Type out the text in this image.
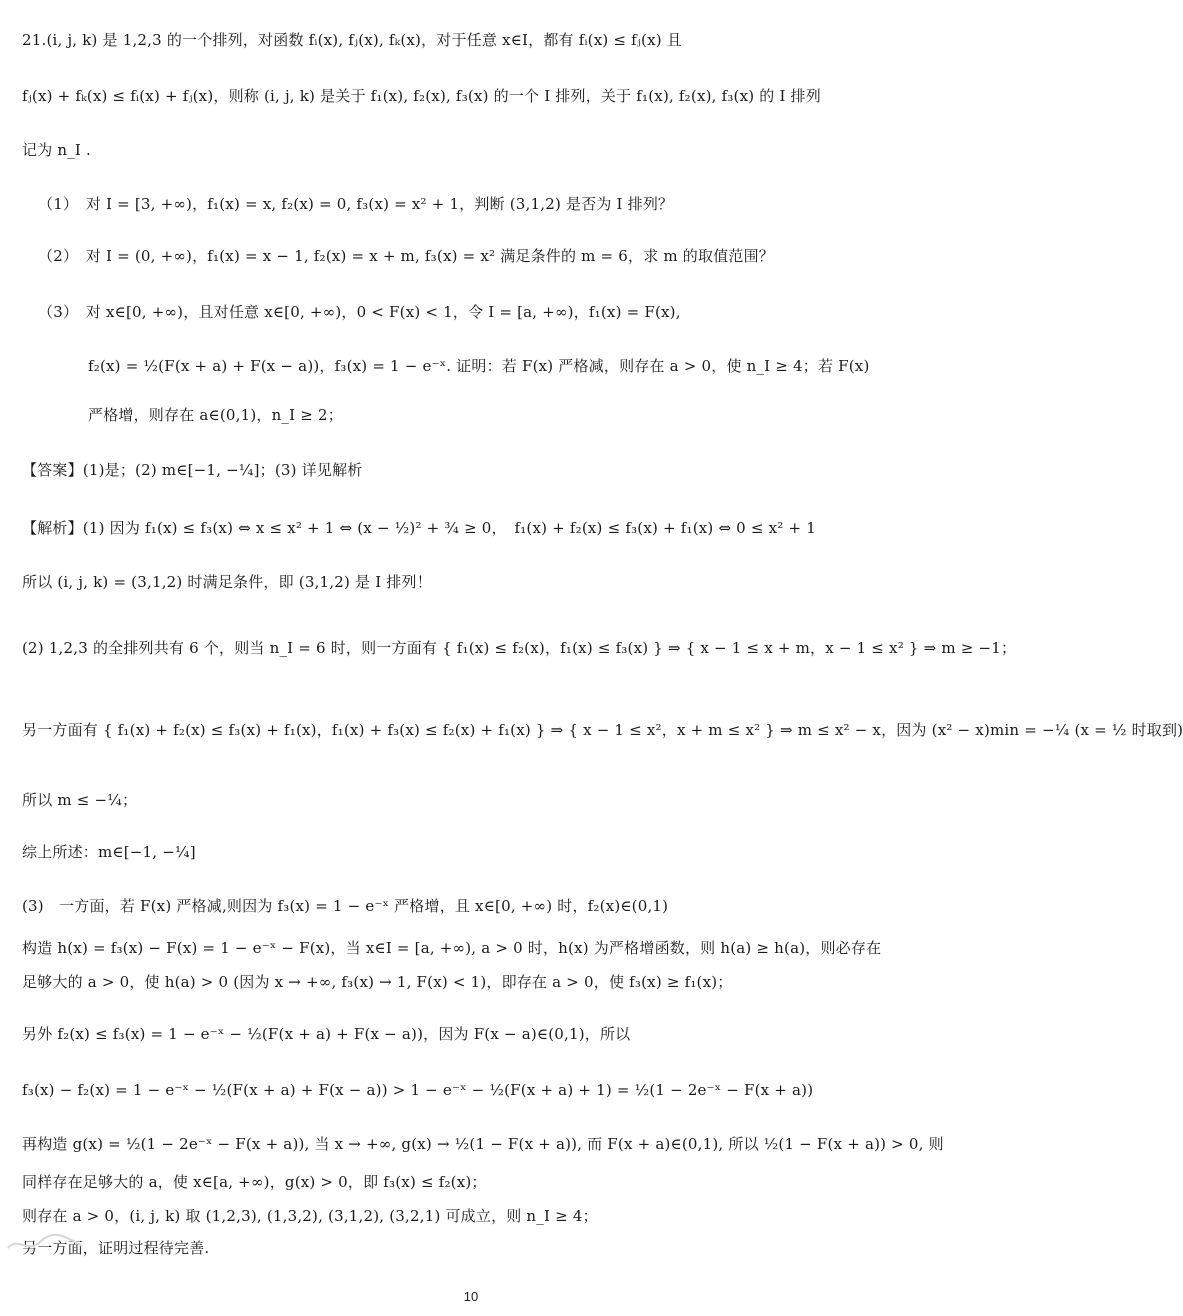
21.(i, j, k) 是 1,2,3 的一个排列，对函数 fᵢ(x), fⱼ(x), fₖ(x)，对于任意 x∈I，都有 fᵢ(x) ≤ fⱼ(x) 且
fⱼ(x) + fₖ(x) ≤ fᵢ(x) + fⱼ(x)，则称 (i, j, k) 是关于 f₁(x), f₂(x), f₃(x) 的一个 I 排列，关于 f₁(x), f₂(x), f₃(x) 的 I 排列
记为 n_I .
（1）　对 I = [3, +∞)，f₁(x) = x, f₂(x) = 0, f₃(x) = x² + 1，判断 (3,1,2) 是否为 I 排列？
（2）　对 I = (0, +∞)，f₁(x) = x − 1, f₂(x) = x + m, f₃(x) = x² 满足条件的 m = 6，求 m 的取值范围？
（3）　对 x∈[0, +∞)，且对任意 x∈[0, +∞)，0 < F(x) < 1，令 I = [a, +∞)，f₁(x) = F(x),
f₂(x) = ½(F(x + a) + F(x − a))，f₃(x) = 1 − e⁻ˣ. 证明：若 F(x) 严格减，则存在 a > 0，使 n_I ≥ 4；若 F(x)
严格增，则存在 a∈(0,1)，n_I ≥ 2；
【答案】(1)是；(2) m∈[−1, −¼]；(3) 详见解析
【解析】(1) 因为 f₁(x) ≤ f₃(x) ⇔ x ≤ x² + 1 ⇔ (x − ½)² + ¾ ≥ 0，　f₁(x) + f₂(x) ≤ f₃(x) + f₁(x) ⇔ 0 ≤ x² + 1
所以 (i, j, k) = (3,1,2) 时满足条件，即 (3,1,2) 是 I 排列！
(2) 1,2,3 的全排列共有 6 个，则当 n_I = 6 时，则一方面有 { f₁(x) ≤ f₂(x)，f₁(x) ≤ f₃(x) } ⇒ { x − 1 ≤ x + m，x − 1 ≤ x² } ⇒ m ≥ −1；
另一方面有 { f₁(x) + f₂(x) ≤ f₃(x) + f₁(x)，f₁(x) + f₃(x) ≤ f₂(x) + f₁(x) } ⇒ { x − 1 ≤ x²，x + m ≤ x² } ⇒ m ≤ x² − x，因为 (x² − x)min = −¼ (x = ½ 时取到)
所以 m ≤ −¼；
综上所述：m∈[−1, −¼]
(3)　一方面，若 F(x) 严格减,则因为 f₃(x) = 1 − e⁻ˣ 严格增，且 x∈[0, +∞) 时，f₂(x)∈(0,1)
构造 h(x) = f₃(x) − F(x) = 1 − e⁻ˣ − F(x)，当 x∈I = [a, +∞), a > 0 时，h(x) 为严格增函数，则 h(a) ≥ h(a)，则必存在
足够大的 a > 0，使 h(a) > 0 (因为 x → +∞, f₃(x) → 1, F(x) < 1)，即存在 a > 0，使 f₃(x) ≥ f₁(x)；
另外 f₂(x) ≤ f₃(x) = 1 − e⁻ˣ − ½(F(x + a) + F(x − a))，因为 F(x − a)∈(0,1)，所以
f₃(x) − f₂(x) = 1 − e⁻ˣ − ½(F(x + a) + F(x − a)) > 1 − e⁻ˣ − ½(F(x + a) + 1) = ½(1 − 2e⁻ˣ − F(x + a))
再构造 g(x) = ½(1 − 2e⁻ˣ − F(x + a)), 当 x → +∞, g(x) → ½(1 − F(x + a)), 而 F(x + a)∈(0,1), 所以 ½(1 − F(x + a)) > 0, 则
同样存在足够大的 a，使 x∈[a, +∞)，g(x) > 0，即 f₃(x) ≤ f₂(x)；
则存在 a > 0，(i, j, k) 取 (1,2,3), (1,3,2), (3,1,2), (3,2,1) 可成立，则 n_I ≥ 4；
另一方面，证明过程待完善.
10
